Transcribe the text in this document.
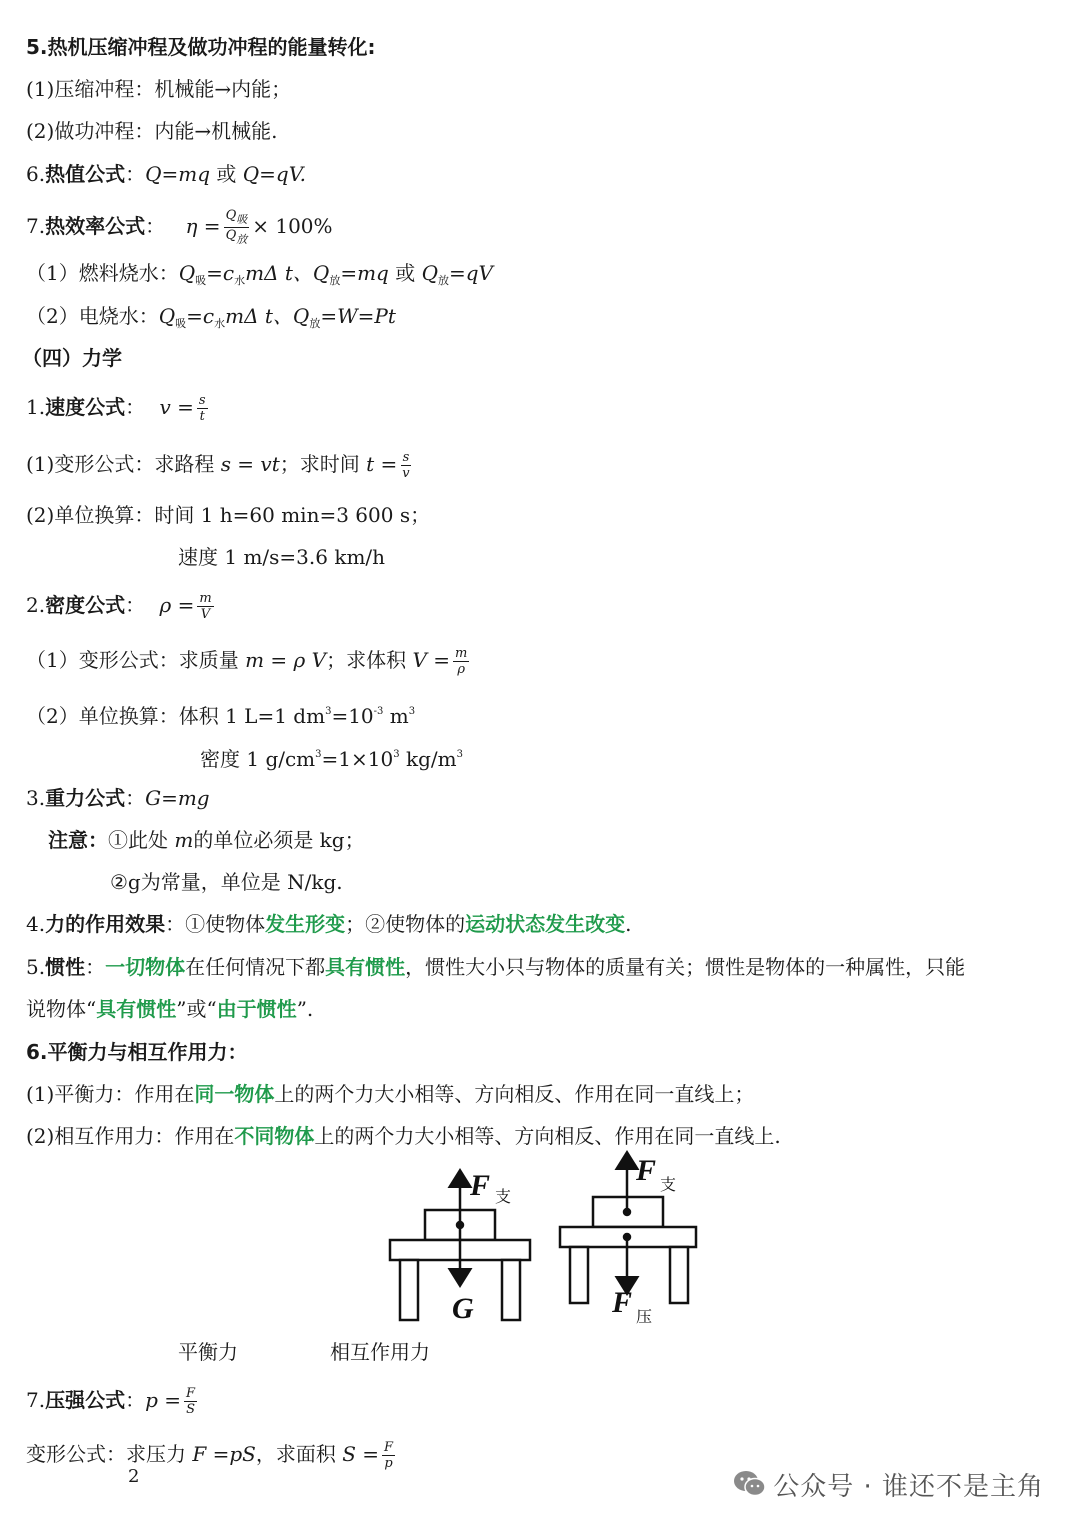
5.热机压缩冲程及做功冲程的能量转化:
(1)压缩冲程：机械能→内能；
(2)做功冲程：内能→机械能.
6.热值公式：Q=mq 或 Q=qV.
7.热效率公式： $\eta = \frac{Q_吸}{Q_放} \times 100\%$
（1）燃料烧水：$Q_吸=c_水m\Delta$ t、$Q_放=mq$ 或 $Q_放=qV$
（2）电烧水：$Q_吸=c_水m\Delta$ t、$Q_放=W=Pt$
（四）力学
1.速度公式： $v = \frac{s}{t}$
(1)变形公式：求路程 s = vt；求时间 $t = \frac{s}{v}$
(2)单位换算：时间 1 h=60 min=3 600 s；
速度 1 m/s=3.6 km/h
2.密度公式： $\rho = \frac{m}{V}$
（1）变形公式：求质量 m = ρ V；求体积 $V = \frac{m}{\rho}$
（2）单位换算：体积 1 L=1 $dm^3=10^{-3}$ $m^3$
密度 1 $g/cm^3=1\times 10^3$ $kg/m^3$
3.重力公式：G=mg
注意：①此处 m的单位必须是 kg；
②g为常量，单位是 N/kg.
4.力的作用效果：①使物体发生形变；②使物体的运动状态发生改变.
5.惯性：一切物体在任何情况下都具有惯性，惯性大小只与物体的质量有关；惯性是物体的一种属性，只能
说物体“具有惯性”或“由于惯性”.
6.平衡力与相互作用力：
(1)平衡力：作用在同一物体上的两个力大小相等、方向相反、作用在同一直线上；
(2)相互作用力：作用在不同物体上的两个力大小相等、方向相反、作用在同一直线上.
F 支
G
F 支
F 压
平衡力	相互作用力
7.压强公式：$p = \frac{F}{S}$
变形公式：求压力 F =pS，求面积 $S = \frac{F}{p}$
2	公众号 · 谁还不是主角
